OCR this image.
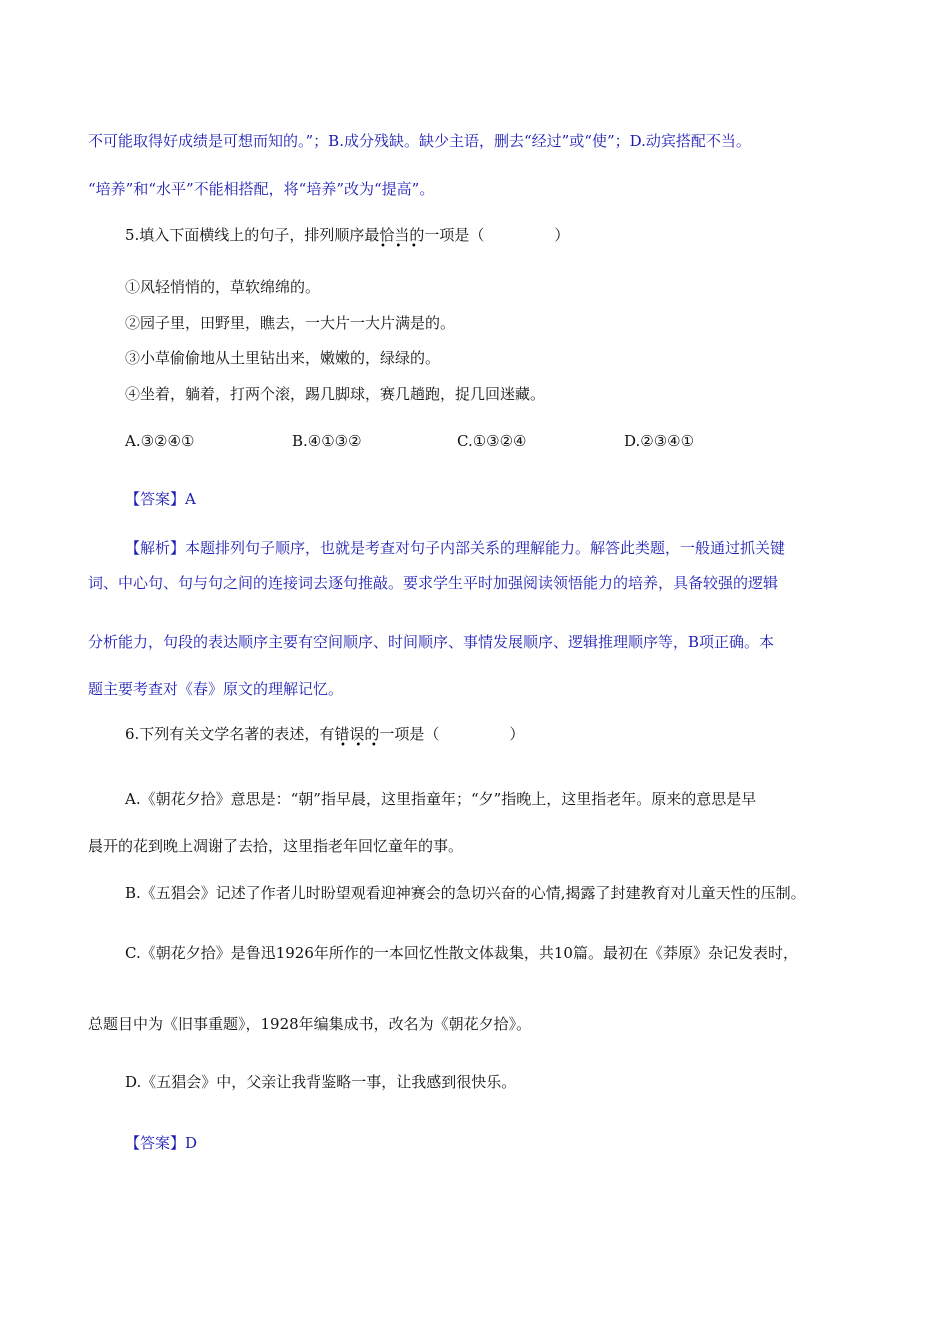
不可能取得好成绩是可想而知的。”；B.成分残缺。缺少主语，删去“经过”或“使”；D.动宾搭配不当。
“培养”和“水平”不能相搭配，将“培养”改为“提高”。
5.填入下面横线上的句子，排列顺序最恰当的一项是（	）
•   •   •
①风轻悄悄的，草软绵绵的。
②园子里，田野里，瞧去，一大片一大片满是的。
③小草偷偷地从土里钻出来，嫩嫩的，绿绿的。
④坐着，躺着，打两个滚，踢几脚球，赛几趟跑，捉几回迷藏。
A.③②④①	B.④①③②	C.①③②④	D.②③④①
【答案】A
【解析】本题排列句子顺序，也就是考查对句子内部关系的理解能力。解答此类题，一般通过抓关键
词、中心句、句与句之间的连接词去逐句推敲。要求学生平时加强阅读领悟能力的培养，具备较强的逻辑
分析能力，句段的表达顺序主要有空间顺序、时间顺序、事情发展顺序、逻辑推理顺序等，B项正确。本
题主要考查对《春》原文的理解记忆。
6.下列有关文学名著的表述，有错误的一项是（	）
•   •   •
A.《朝花夕拾》意思是：“朝”指早晨，这里指童年；“夕”指晚上，这里指老年。原来的意思是早
晨开的花到晚上凋谢了去拾，这里指老年回忆童年的事。
B.《五猖会》记述了作者儿时盼望观看迎神赛会的急切兴奋的心情,揭露了封建教育对儿童天性的压制。
C.《朝花夕拾》是鲁迅1926年所作的一本回忆性散文体裁集，共10篇。最初在《莽原》杂记发表时，
总题目中为《旧事重题》，1928年编集成书，改名为《朝花夕拾》。
D.《五猖会》中，父亲让我背鉴略一事，让我感到很快乐。
【答案】D
